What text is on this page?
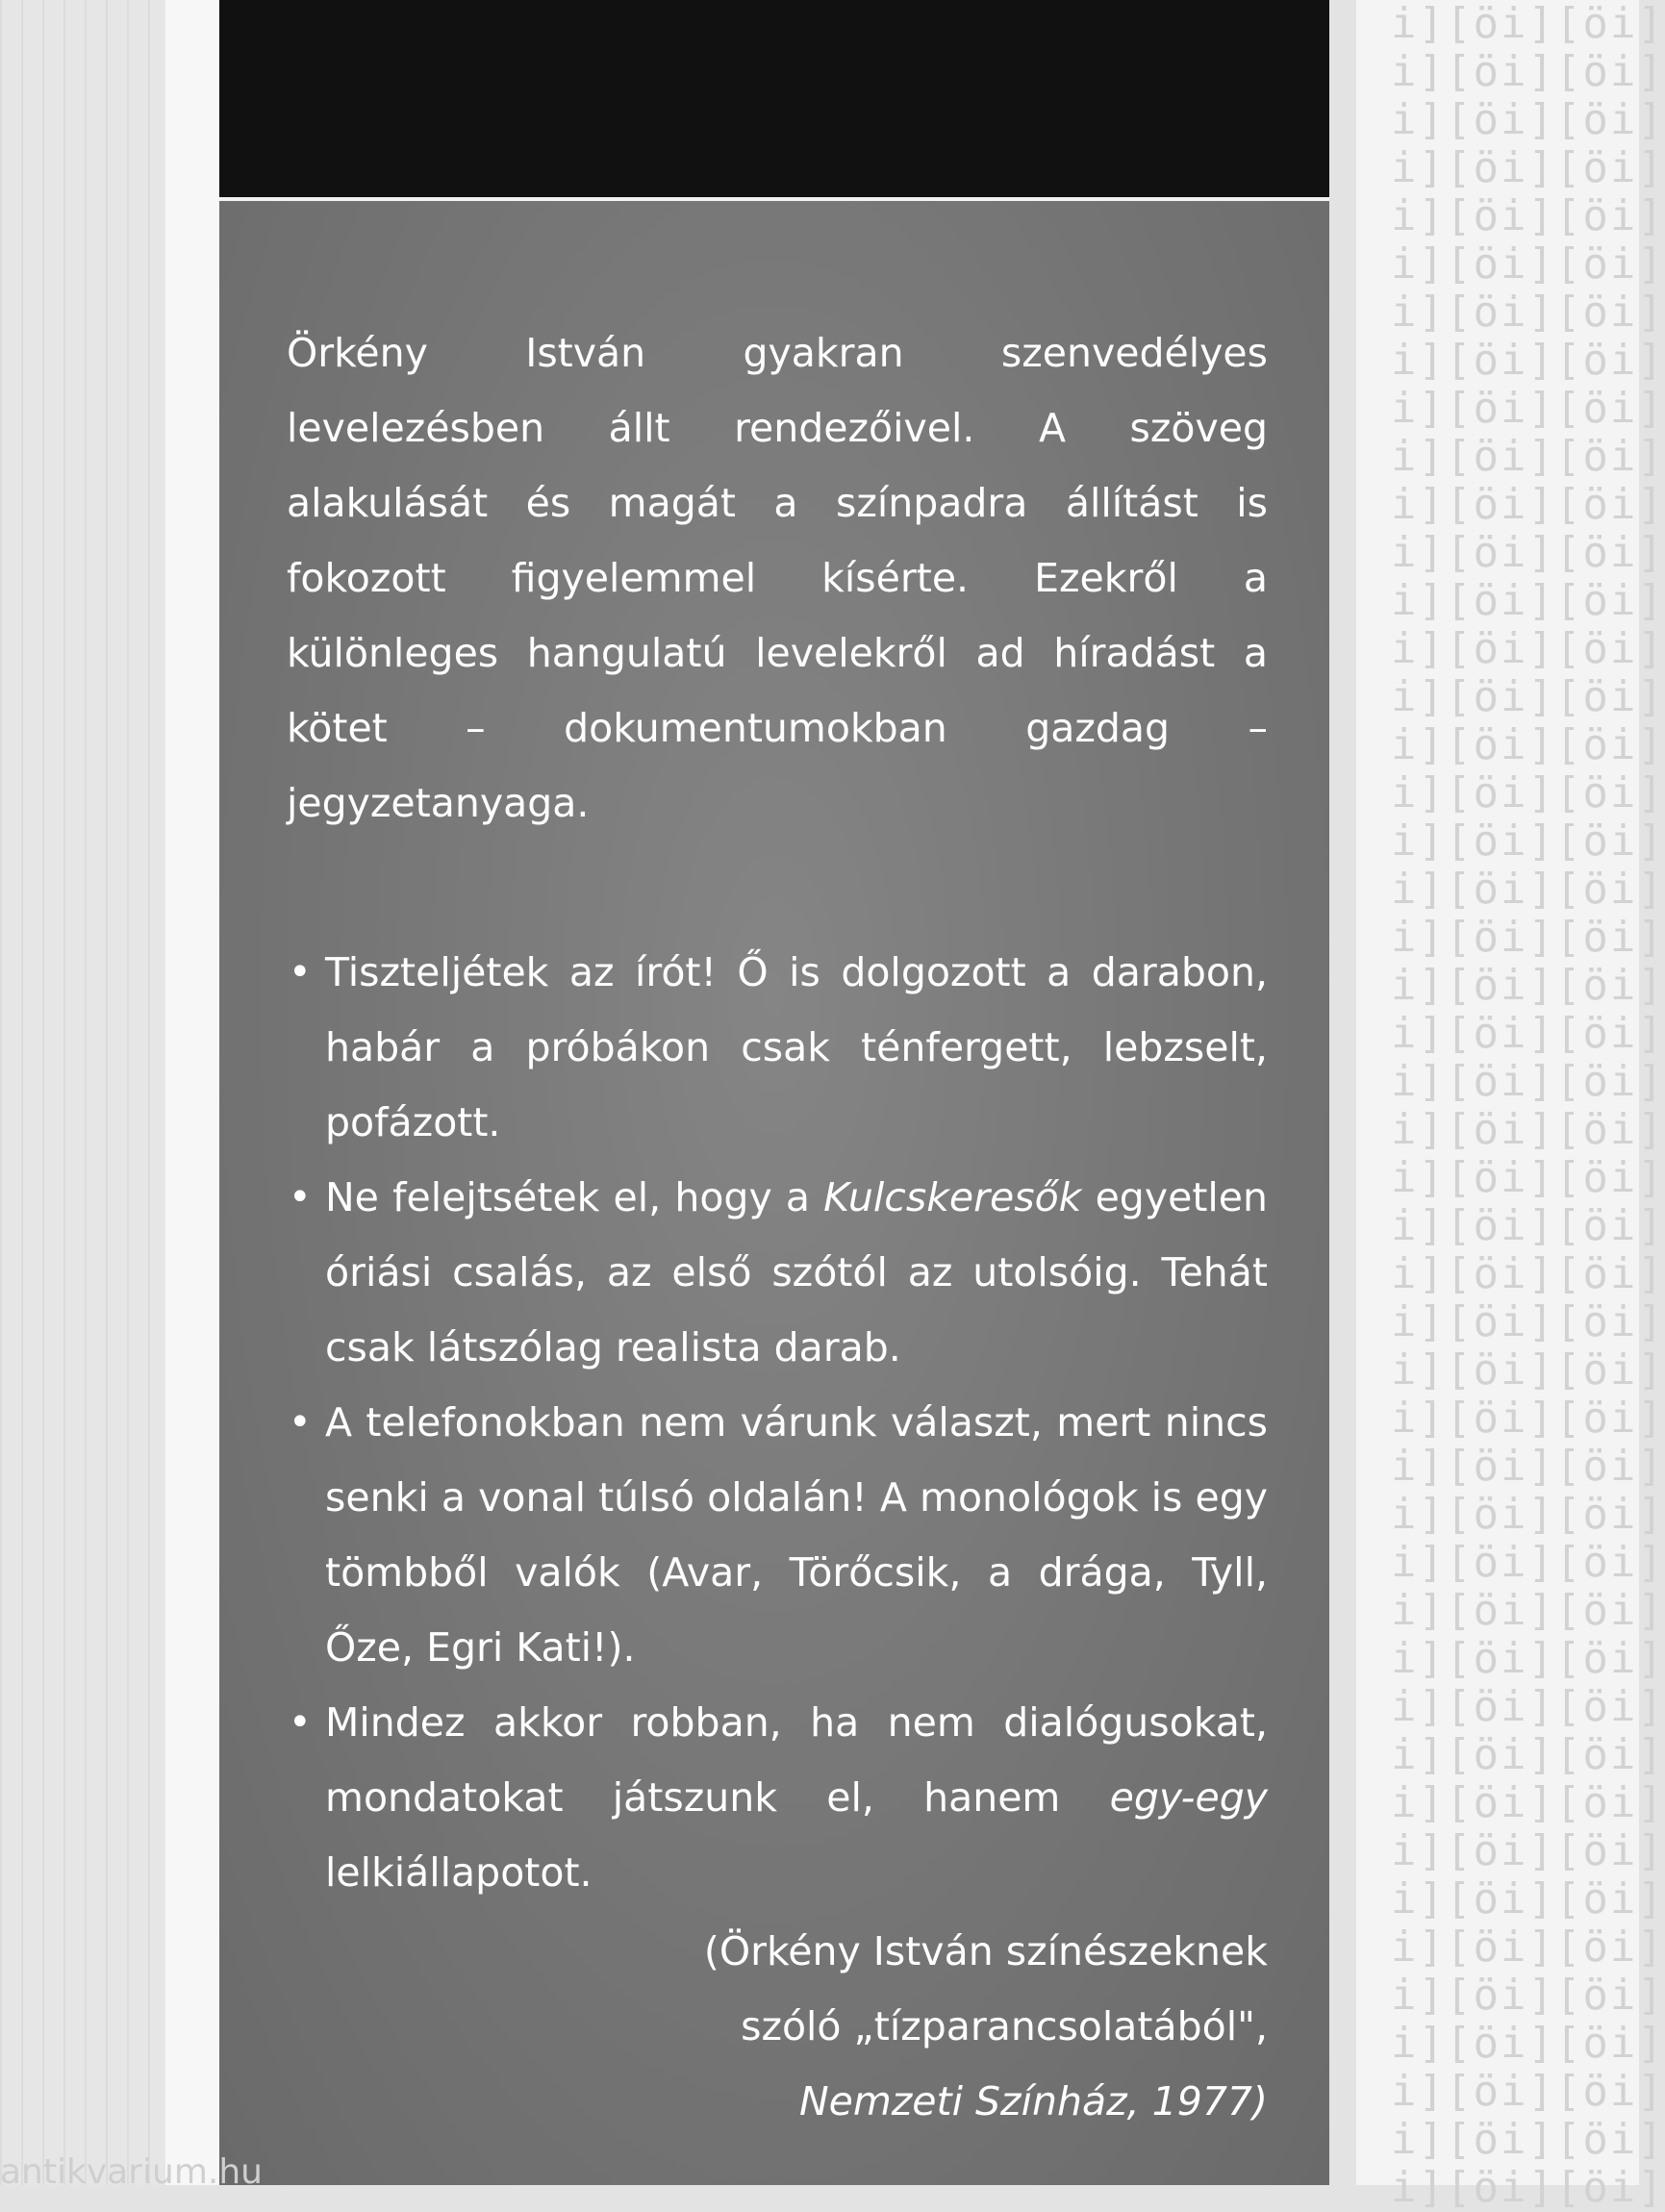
i][öi][öi]
i][öi][öi]
i][öi][öi]
i][öi][öi]
i][öi][öi]
i][öi][öi]
i][öi][öi]
i][öi][öi]
i][öi][öi]
i][öi][öi]
i][öi][öi]
i][öi][öi]
i][öi][öi]
i][öi][öi]
i][öi][öi]
i][öi][öi]
i][öi][öi]
i][öi][öi]
i][öi][öi]
i][öi][öi]
i][öi][öi]
i][öi][öi]
i][öi][öi]
i][öi][öi]
i][öi][öi]
i][öi][öi]
i][öi][öi]
i][öi][öi]
i][öi][öi]
i][öi][öi]
i][öi][öi]
i][öi][öi]
i][öi][öi]
i][öi][öi]
i][öi][öi]
i][öi][öi]
i][öi][öi]
i][öi][öi]
i][öi][öi]
i][öi][öi]
i][öi][öi]
i][öi][öi]
i][öi][öi]
i][öi][öi]
i][öi][öi]
i][öi][öi]

Örkény István gyakran szenvedélyes levelezésben állt rendezőivel. A szöveg alakulását és magát a színpadra állítást is fokozott figyelemmel kísérte. Ezekről a különleges hangulatú levelekről ad híradást a kötet – dokumentumokban gazdag – jegyzetanyaga.

• Tiszteljétek az írót! Ő is dolgozott a darabon, habár a próbákon csak ténfergett, lebzselt, pofázott.
• Ne felejtsétek el, hogy a Kulcskeresők egyetlen óriási csalás, az első szótól az utolsóig. Tehát csak látszólag realista darab.
• A telefonokban nem várunk választ, mert nincs senki a vonal túlsó oldalán! A monológok is egy tömbből valók (Avar, Törőcsik, a drága, Tyll, Őze, Egri Kati!).
• Mindez akkor robban, ha nem dialógusokat, mondatokat játszunk el, hanem egy-egy lelkiállapotot.
(Örkény István színészeknek
szóló „tízparancsolatából",
Nemzeti Színház, 1977)
antikvarium.hu
